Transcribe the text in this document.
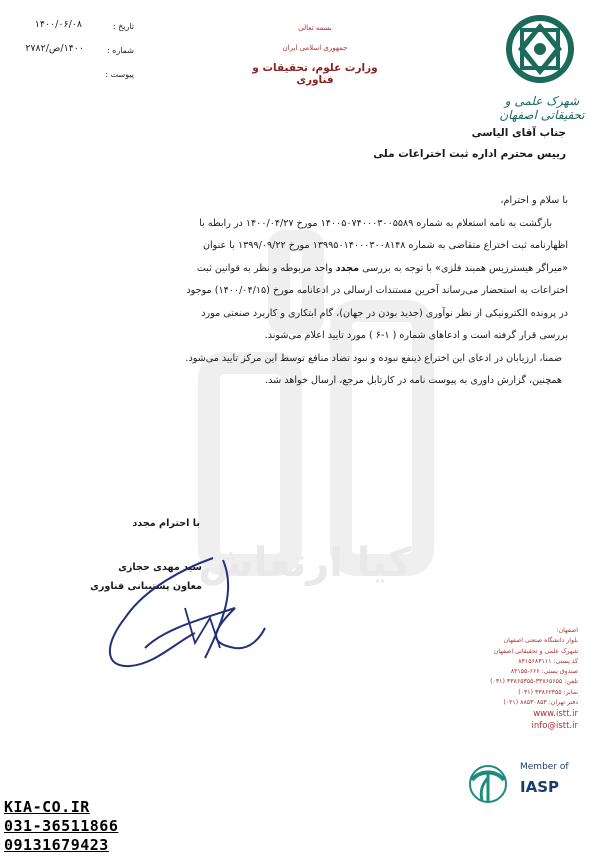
کیا ارتعاش
شهرک علمی و تحقیقاتی اصفهان
بسمه تعالی
جمهوری اسلامی ایران
وزارت علوم، تحقیقات و فناوری
تاریخ :
۱۴۰۰/۰۶/۰۸
شماره :
۱۴۰۰/ص/۲۷۸۲
پیوست :
جناب آقای الیاسی
رییس محترم اداره ثبت اختراعات ملی
با سلام و احترام،
بازگشت به نامه استعلام به شماره ۱۴۰۰۵۰۷۴۰۰۰۳۰۰۵۵۸۹ مورخ ۱۴۰۰/۰۴/۲۷ در رابطه با
اظهارنامه ثبت اختراع متقاضی به شماره ۱۳۹۹۵۰۱۴۰۰۰۳۰۰۸۱۴۸ مورخ ۱۳۹۹/۰۹/۲۲ با عنوان
«میراگر هیسترزیس همبند فلزی» با توجه به بررسی مجدد واحد مربوطه و نظر به قوانین ثبت
اختراعات به استحضار می‌رساند آخرین مستندات ارسالی در ادعانامه مورخ (۱۴۰۰/۰۴/۱۵) موجود
در پرونده الکترونیکی از نظر نوآوری (جدید بودن در جهان)، گام ابتکاری و کاربرد صنعتی مورد
بررسی قرار گرفته است و ادعاهای شماره ( ۱-۶ ) مورد تایید اعلام می‌شوند.
ضمنا، ارزیابان در ادعای این اختراع ذینفع نبوده و نبود تضاد منافع توسط این مرکز تایید می‌شود.
همچنین، گزارش داوری به پیوست نامه در کارتابل مرجع، ارسال خواهد شد.
با احترام مجدد
سید مهدی حجازی
معاون پشتیبانی فناوری
اصفهان:
بلوار دانشگاه صنعتی اصفهان
شهرک علمی و تحقیقاتی اصفهان
کد پستی: ۸۴۱۵۶۸۳۱۱۱
صندوق پستی: ۶۶۶-۸۴۱۵۵
تلفن: ۳۳۸۶۵۶۵۵-۳۳۸۶۵۳۵۵ (۰۳۱)
نمابر: ۳۳۸۶۲۳۵۵ (۰۳۱)
دفتر تهران: ۸۸۵۳۰۸۵۳ (۰۲۱)
www.istt.ir
info@istt.ir
Member of
IASP
KIA-CO.IR
031-36511866
09131679423
